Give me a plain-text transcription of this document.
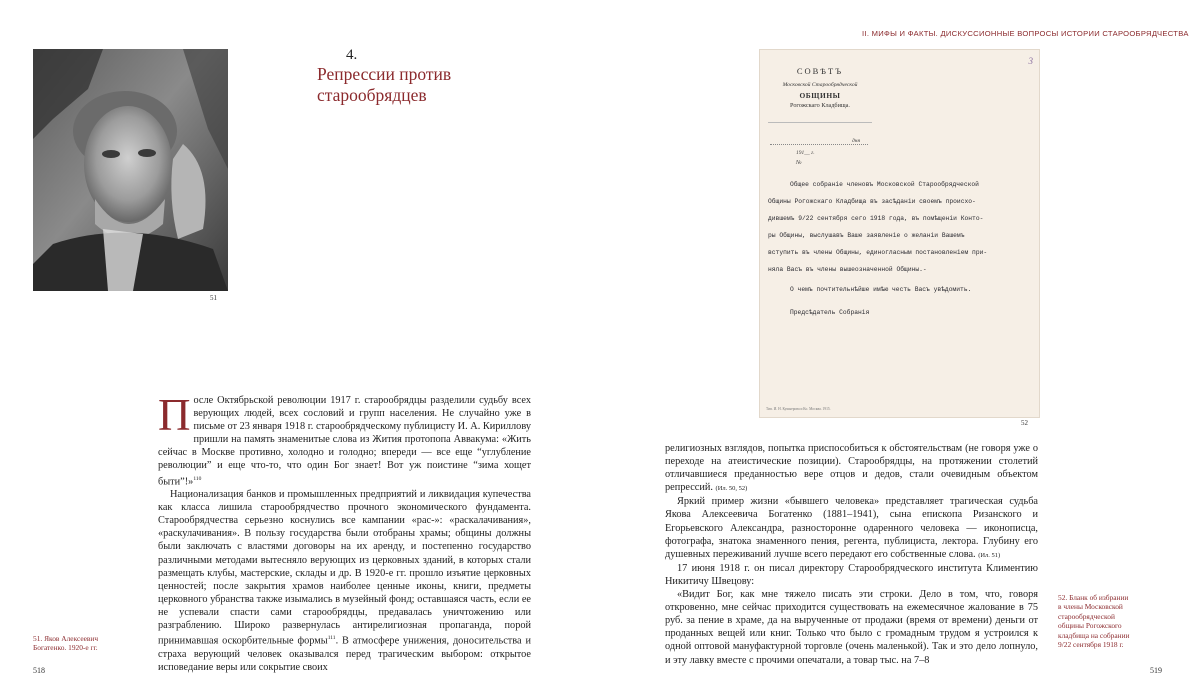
II. МИФЫ И ФАКТЫ. ДИСКУССИОННЫЕ ВОПРОСЫ ИСТОРИИ СТАРООБРЯДЧЕСТВА
51
4.
Репрессии против
старообрядцев
3
СОВѢТЪ
Московской Старообрядческой
ОБЩИНЫ
Рогожскаго Кладбища.
дня
191__ г.
№
Общее собраніе членовъ Московской Старообрядческой
Общины Рогожскаго Кладбища въ засѣданіи своемъ происхо-
дившемъ 9/22 сентября сего 1918 года, въ помѣщеніи Конто-
ры Общины, выслушавъ Ваше заявленіе о желаніи Вашемъ
вступить въ члены Общины, единогласным постановленіем при-
няла Васъ въ члены вышеозначенной Общины.-
О чемъ почтительнѣйше имѣю честь Васъ увѣдомить.
Предсѣдатель Собранія
Тип. И. Н. Кушнерова и Ко. Москва. 1915.
52

После Октябрьской революции 1917 г. старообрядцы разделили судьбу всех верующих людей, всех сословий и групп населения. Не случайно уже в письме от 23 января 1918 г. старообрядческому публицисту И. А. Кириллову пришли на память знаменитые слова из Жития протопопа Аввакума: «Жить сейчас в Москве противно, холодно и голодно; впереди — все еще “углубление революции” и еще что-то, что один Бог знает! Вот уж поистине “зима хощет быти”!»$^{110}$

Национализация банков и промышленных предприятий и ликвидация купечества как класса лишила старообрядчество прочного экономического фундамента. Старообрядчества серьезно коснулись все кампании «рас-»: «раскалачивания», «раскулачивания». В пользу государства были отобраны храмы; общины должны были заключать с властями договоры на их аренду, и постепенно государство различными методами вытесняло верующих из церковных зданий, в которых стали размещать клубы, мастерские, склады и др. В 1920-е гг. прошло изъятие церковных ценностей; после закрытия храмов наиболее ценные иконы, книги, предметы церковного убранства также изымались в музейный фонд; оставшаяся часть, если ее не успевали спасти сами старообрядцы, предавалась уничтожению или разграблению. Широко развернулась антирелигиозная пропаганда, порой принимавшая оскорбительные формы$^{111}$. В атмосфере унижения, доносительства и страха верующий человек оказывался перед трагическим выбором: открытое исповедание веры или сокрытие своих

религиозных взглядов, попытка приспособиться к обстоятельствам (не говоря уже о переходе на атеистические позиции). Старообрядцы, на протяжении столетий отличавшиеся преданностью вере отцов и дедов, стали очевидным объектом репрессий. (Ил. 50, 52)

Яркий пример жизни «бывшего человека» представляет трагическая судьба Якова Алексеевича Богатенко (1881–1941), сына епископа Ризанского и Егорьевского Александра, разносторонне одаренного человека — иконописца, фотографа, знатока знаменного пения, регента, публициста, лектора. Глубину его душевных переживаний лучше всего передают его собственные слова. (Ил. 51)

17 июня 1918 г. он писал директору Старообрядческого института Климентию Никитичу Швецову:

«Видит Бог, как мне тяжело писать эти строки. Дело в том, что, говоря откровенно, мне сейчас приходится существовать на ежемесячное жалование в 75 руб. за пение в храме, да на вырученные от продажи (время от времени) деньги от проданных вещей или книг. Только что было с громадным трудом я устроился к одной оптовой мануфактурной торговле (очень маленькой). Так и это дело лопнуло, и эту лавку вместе с прочими опечатали, а товар тыс. на 7–8

51. Яков Алексеевич
Богатенко. 1920-е гг.
52. Бланк об избрании
в члены Московской
старообрядческой
общины Рогожского
кладбища на собрании
9/22 сентября 1918 г.
518	519
